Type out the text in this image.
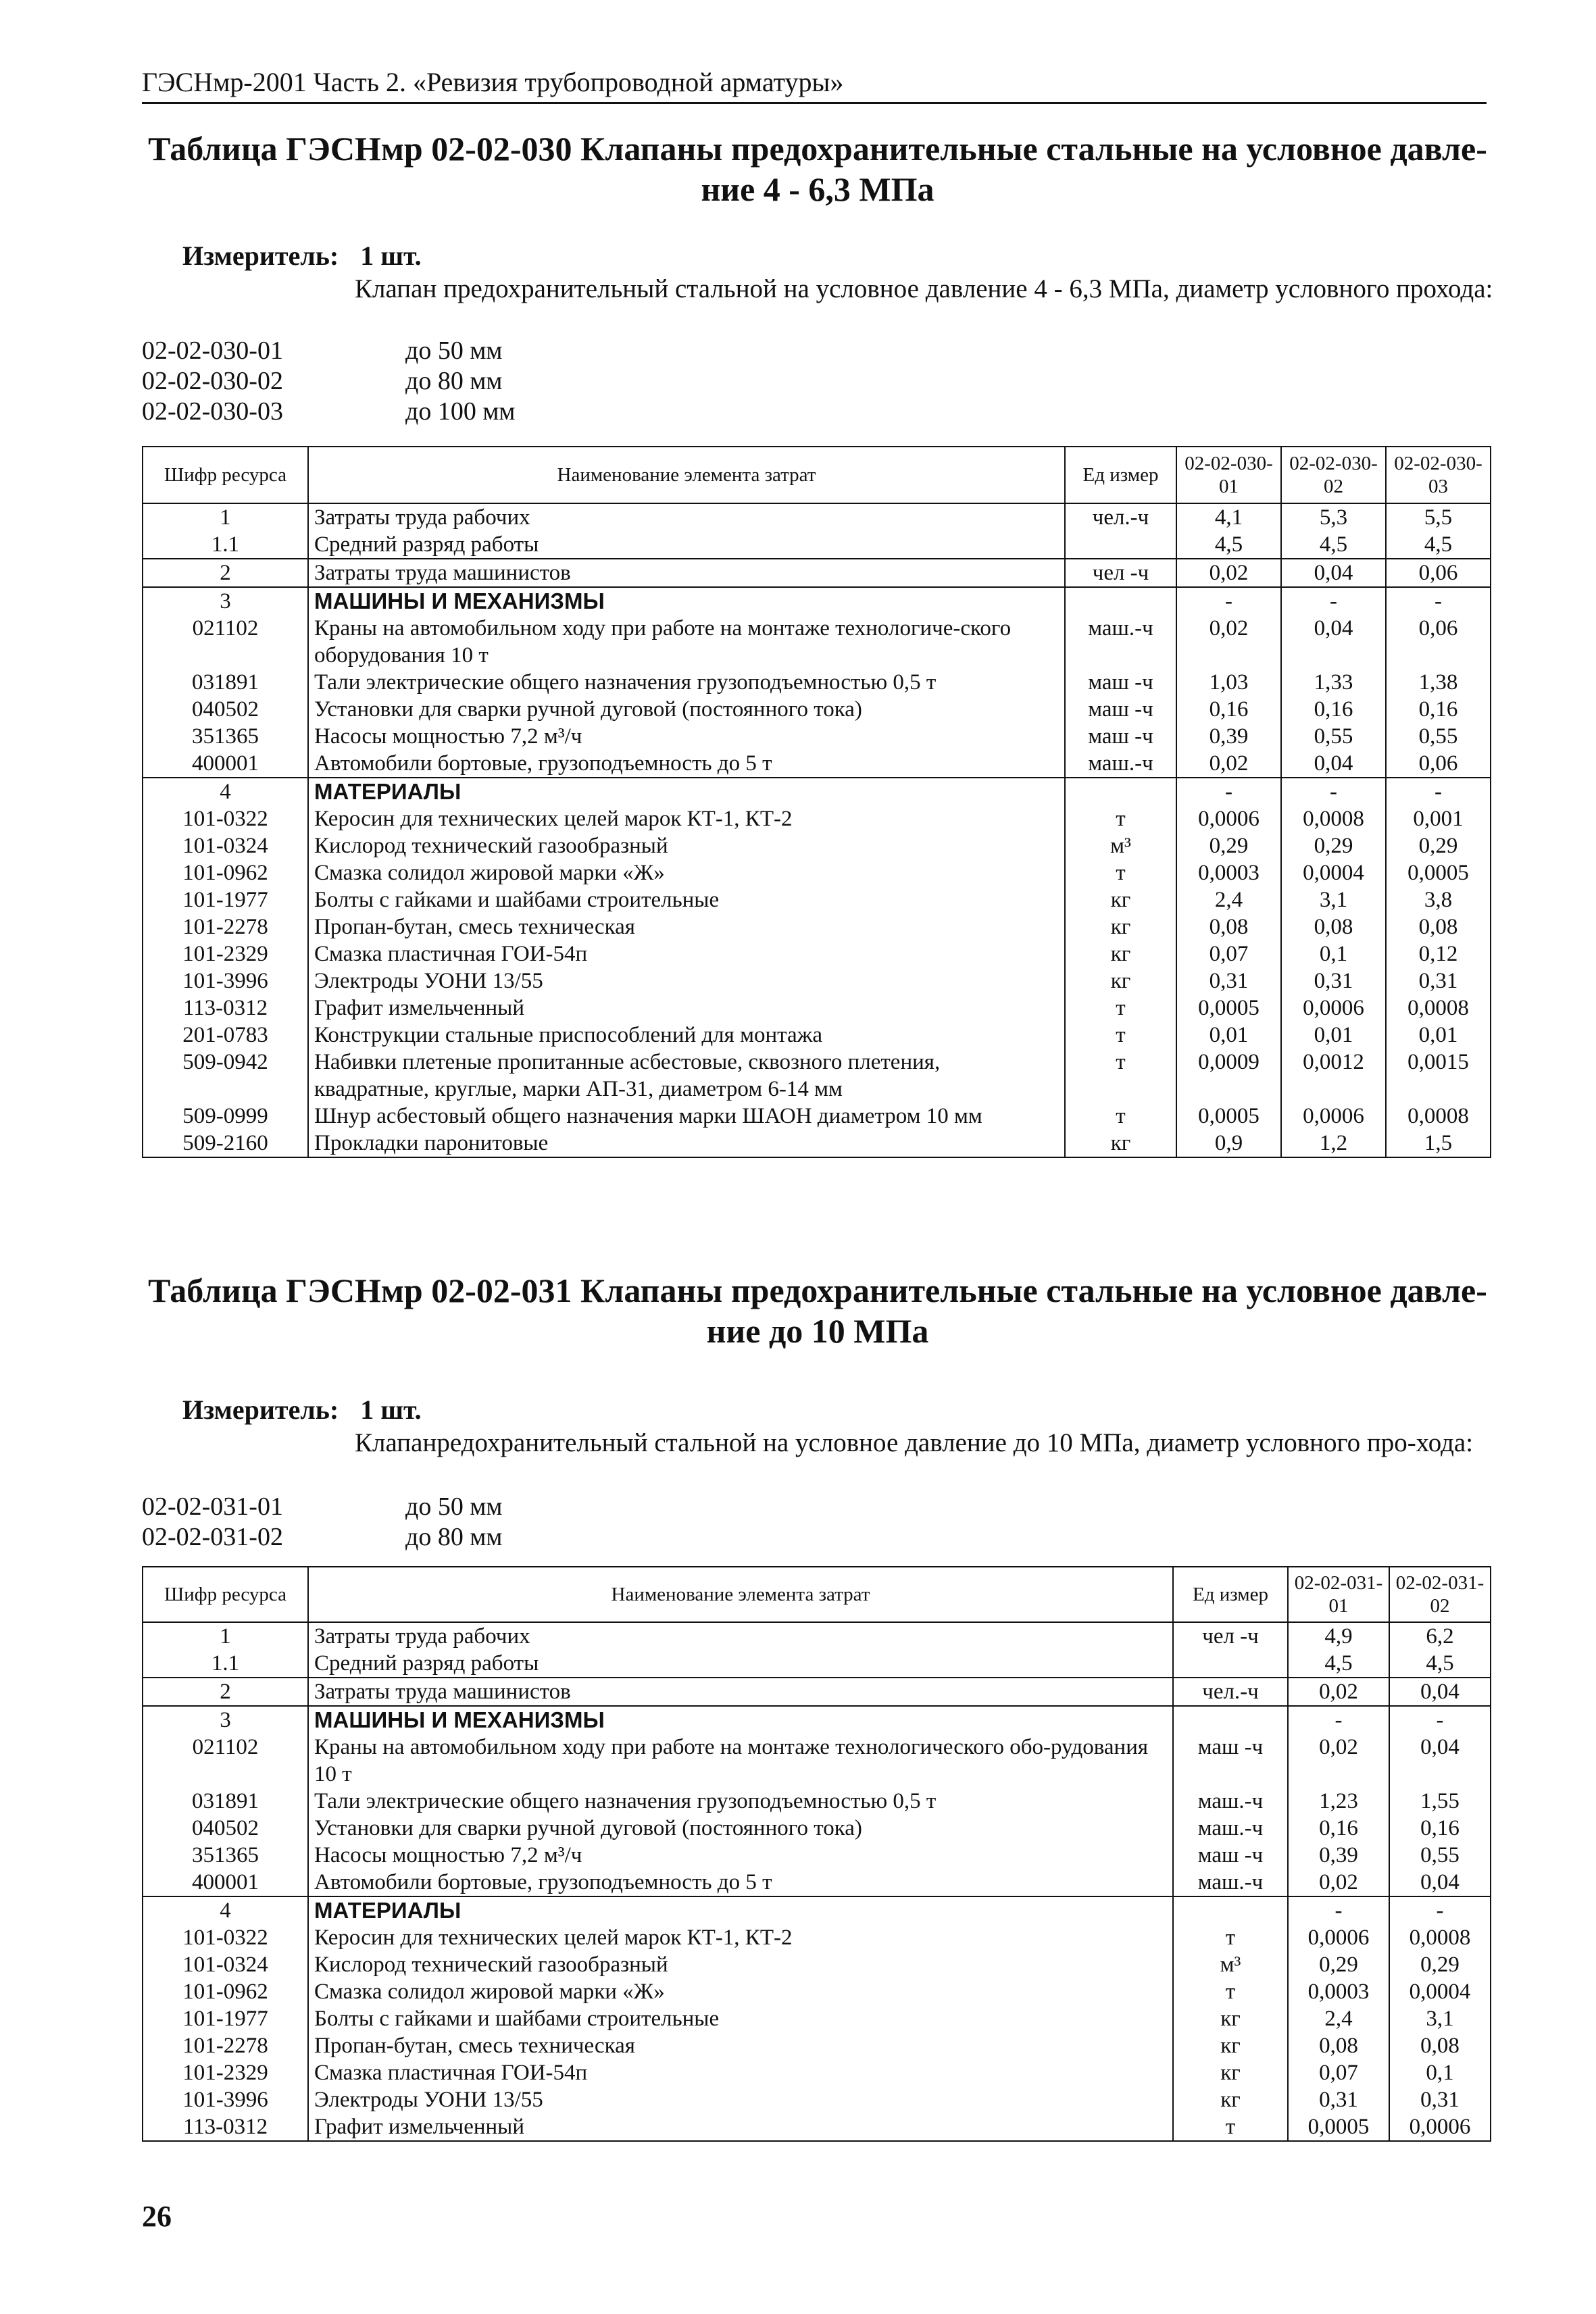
ГЭСНмр-2001 Часть 2. «Ревизия трубопроводной арматуры»
Таблица ГЭСНмр 02-02-030 Клапаны предохранительные стальные на условное давле-
ние 4 - 6,3 МПа
Измеритель: 1 шт.
Клапан предохранительный стальной на условное давление 4 - 6,3 МПа, диаметр условного прохода:
02-02-030-01	до 50 мм
02-02-030-02	до 80 мм
02-02-030-03	до 100 мм
Шифр ресурса	Наименование элемента затрат	Ед измер	02-02-030-01	02-02-030-02	02-02-030-03
1	Затраты труда рабочих	чел.-ч	4,1	5,3	5,5
1.1	Средний разряд работы		4,5	4,5	4,5
2	Затраты труда машинистов	чел -ч	0,02	0,04	0,06
3	МАШИНЫ И МЕХАНИЗМЫ		-	-	-
021102	Краны на автомобильном ходу при работе на монтаже технологиче-ского оборудования 10 т	маш.-ч	0,02	0,04	0,06
031891	Тали электрические общего назначения грузоподъемностью 0,5 т	маш -ч	1,03	1,33	1,38
040502	Установки для сварки ручной дуговой (постоянного тока)	маш -ч	0,16	0,16	0,16
351365	Насосы мощностью 7,2 м³/ч	маш -ч	0,39	0,55	0,55
400001	Автомобили бортовые, грузоподъемность до 5 т	маш.-ч	0,02	0,04	0,06
4	МАТЕРИАЛЫ		-	-	-
101-0322	Керосин для технических целей марок КТ-1, КТ-2	т	0,0006	0,0008	0,001
101-0324	Кислород технический газообразный	м³	0,29	0,29	0,29
101-0962	Смазка солидол жировой марки «Ж»	т	0,0003	0,0004	0,0005
101-1977	Болты с гайками и шайбами строительные	кг	2,4	3,1	3,8
101-2278	Пропан-бутан, смесь техническая	кг	0,08	0,08	0,08
101-2329	Смазка пластичная ГОИ-54п	кг	0,07	0,1	0,12
101-3996	Электроды УОНИ 13/55	кг	0,31	0,31	0,31
113-0312	Графит измельченный	т	0,0005	0,0006	0,0008
201-0783	Конструкции стальные приспособлений для монтажа	т	0,01	0,01	0,01
509-0942	Набивки плетеные пропитанные асбестовые, сквозного плетения, квадратные, круглые, марки АП-31, диаметром 6-14 мм	т	0,0009	0,0012	0,0015
509-0999	Шнур асбестовый общего назначения марки ШАОН диаметром 10 мм	т	0,0005	0,0006	0,0008
509-2160	Прокладки паронитовые	кг	0,9	1,2	1,5
Таблица ГЭСНмр 02-02-031 Клапаны предохранительные стальные на условное давле-
ние до 10 МПа
Измеритель: 1 шт.
Клапанредохранительный стальной на условное давление до 10 МПа, диаметр условного про-хода:
02-02-031-01	до 50 мм
02-02-031-02	до 80 мм
Шифр ресурса	Наименование элемента затрат	Ед измер	02-02-031-01	02-02-031-02
1	Затраты труда рабочих	чел -ч	4,9	6,2
1.1	Средний разряд работы		4,5	4,5
2	Затраты труда машинистов	чел.-ч	0,02	0,04
3	МАШИНЫ И МЕХАНИЗМЫ		-	-
021102	Краны на автомобильном ходу при работе на монтаже технологического обо-рудования 10 т	маш -ч	0,02	0,04
031891	Тали электрические общего назначения грузоподъемностью 0,5 т	маш.-ч	1,23	1,55
040502	Установки для сварки ручной дуговой (постоянного тока)	маш.-ч	0,16	0,16
351365	Насосы мощностью 7,2 м³/ч	маш -ч	0,39	0,55
400001	Автомобили бортовые, грузоподъемность до 5 т	маш.-ч	0,02	0,04
4	МАТЕРИАЛЫ		-	-
101-0322	Керосин для технических целей марок КТ-1, КТ-2	т	0,0006	0,0008
101-0324	Кислород технический газообразный	м³	0,29	0,29
101-0962	Смазка солидол жировой марки «Ж»	т	0,0003	0,0004
101-1977	Болты с гайками и шайбами строительные	кг	2,4	3,1
101-2278	Пропан-бутан, смесь техническая	кг	0,08	0,08
101-2329	Смазка пластичная ГОИ-54п	кг	0,07	0,1
101-3996	Электроды УОНИ 13/55	кг	0,31	0,31
113-0312	Графит измельченный	т	0,0005	0,0006
26
